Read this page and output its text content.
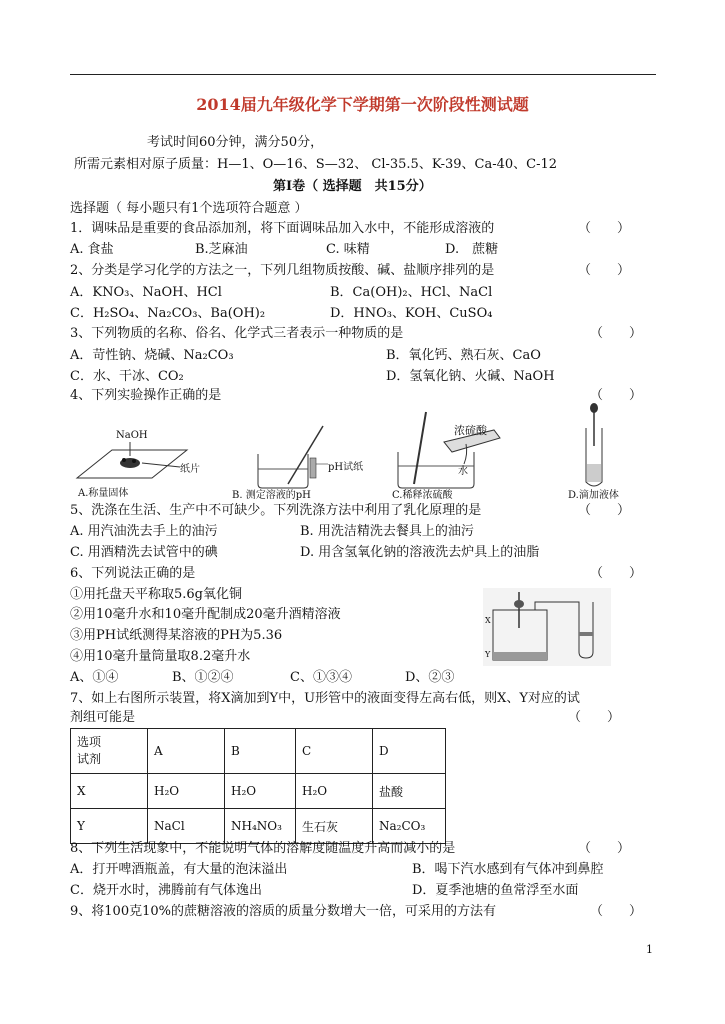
2014届九年级化学下学期第一次阶段性测试题
考试时间60分钟，满分50分，
所需元素相对原子质量：H—1、O—16、S—32、 Cl-35.5、K-39、Ca-40、C-12
第Ⅰ卷（ 选择题　共15分）
选择题（ 每小题只有1个选项符合题意 ）
1．调味品是重要的食品添加剂，将下面调味品加入水中，不能形成溶液的	（　　）
A. 食盐	B.芝麻油	C. 味精	D.　蔗糖
2、分类是学习化学的方法之一，下列几组物质按酸、碱、盐顺序排列的是	（　　）
A．KNO₃、NaOH、HCl	B．Ca(OH)₂、HCl、NaCl
C．H₂SO₄、Na₂CO₃、Ba(OH)₂	D．HNO₃、KOH、CuSO₄
3、下列物质的名称、俗名、化学式三者表示一种物质的是	（　　）
A．苛性钠、烧碱、Na₂CO₃	B．氧化钙、熟石灰、CaO
C．水、干冰、CO₂	D．氢氧化钠、火碱、NaOH
4、下列实验操作正确的是	（　　）
NaOH
纸片
A.称量固体
pH试纸
B. 测定溶液的pH
浓硫酸
水
C.稀释浓硫酸	D.滴加液体
5、洗涤在生活、生产中不可缺少。下列洗涤方法中利用了乳化原理的是	（　　）
A. 用汽油洗去手上的油污	B. 用洗洁精洗去餐具上的油污
C. 用酒精洗去试管中的碘	D. 用含氢氧化钠的溶液洗去炉具上的油脂
6、下列说法正确的是	（　　）
①用托盘天平称取5.6g氧化铜
②用10毫升水和10毫升配制成20毫升酒精溶液
③用PH试纸测得某溶液的PH为5.36
④用10毫升量筒量取8.2毫升水
A、①④	B、①②④	C、①③④	D、②③
X
Y
7、如上右图所示装置，将X滴加到Y中，U形管中的液面变得左高右低，则X、Y对应的试
剂组可能是	（　　）
选项
试剂	A	B	C	D
X	H₂O	H₂O	H₂O	盐酸
Y	NaCl	NH₄NO₃	生石灰	Na₂CO₃
8、下列生活现象中，不能说明气体的溶解度随温度升高而减小的是	（　　）
A．打开啤酒瓶盖，有大量的泡沫溢出	B．喝下汽水感到有气体冲到鼻腔
C．烧开水时，沸腾前有气体逸出	D．夏季池塘的鱼常浮至水面
9、将100克10%的蔗糖溶液的溶质的质量分数增大一倍，可采用的方法有	（　　）
1
